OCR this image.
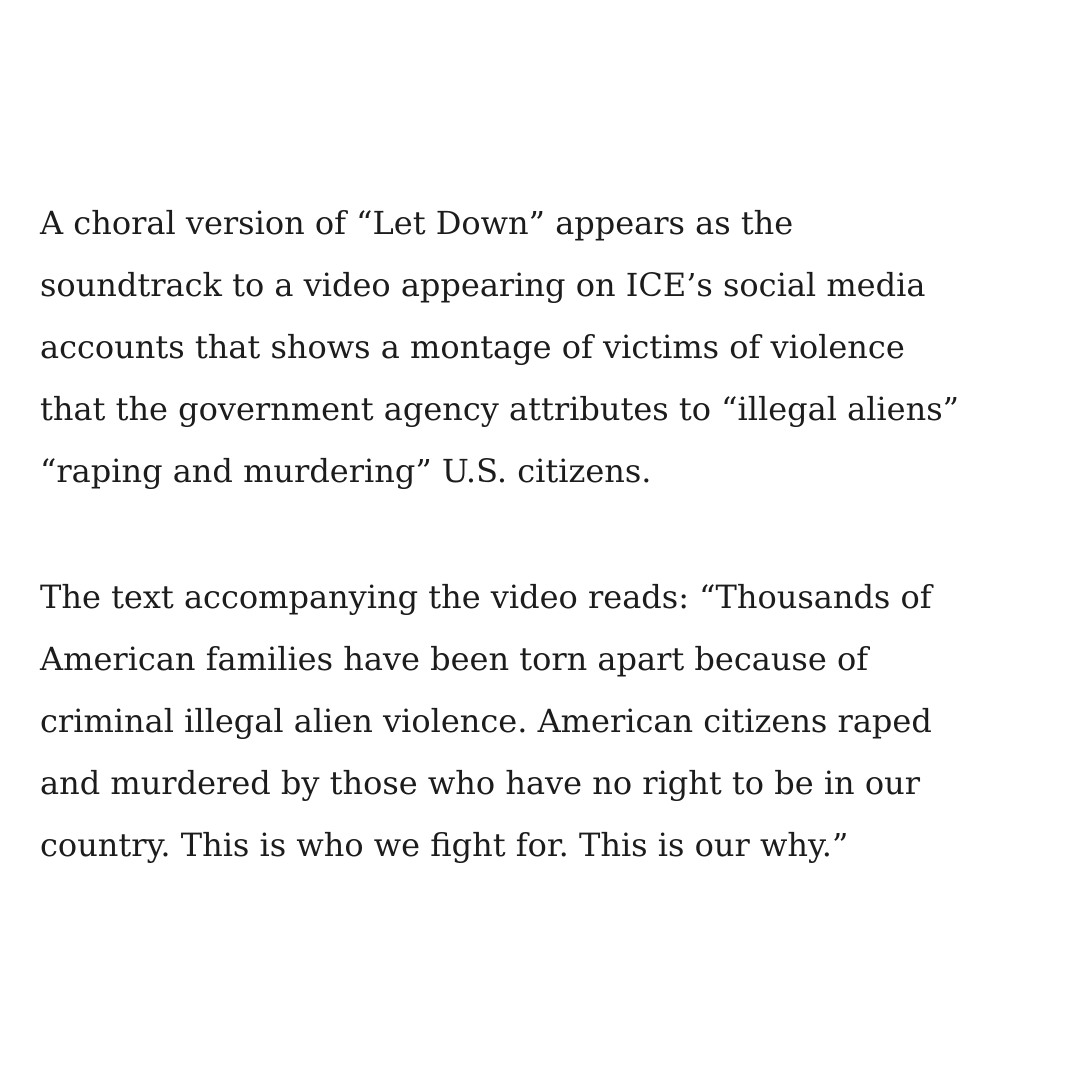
A choral version of “Let Down” appears as the
soundtrack to a video appearing on ICE’s social media
accounts that shows a montage of victims of violence
that the government agency attributes to “illegal aliens”
“raping and murdering” U.S. citizens.

The text accompanying the video reads: “Thousands of
American families have been torn apart because of
criminal illegal alien violence. American citizens raped
and murdered by those who have no right to be in our
country. This is who we fight for. This is our why.”
